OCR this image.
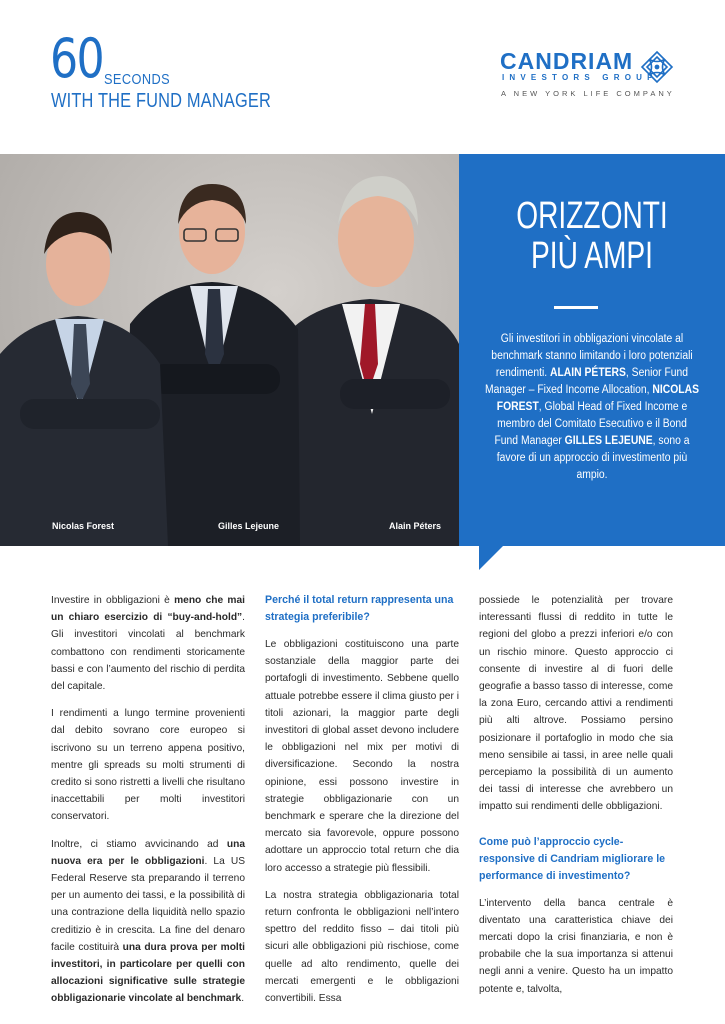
60 SECONDS
WITH THE FUND MANAGER
CANDRIAM
INVESTORS GROUP
A NEW YORK LIFE COMPANY
Nicolas Forest	Gilles Lejeune	Alain Péters
ORIZZONTI
PIÙ AMPI
Gli investitori in obbligazioni vincolate al benchmark stanno limitando i loro potenziali rendimenti. ALAIN PÉTERS, Senior Fund Manager – Fixed Income Allocation, NICOLAS FOREST, Global Head of Fixed Income e membro del Comitato Esecutivo e il Bond Fund Manager GILLES LEJEUNE, sono a favore di un approccio di investimento più ampio.

Investire in obbligazioni è meno che mai un chiaro esercizio di “buy-and-hold”. Gli investitori vincolati al benchmark combattono con rendimenti storicamente bassi e con l’aumento del rischio di perdita del capitale.

I rendimenti a lungo termine provenienti dal debito sovrano core europeo si iscrivono su un terreno appena positivo, mentre gli spreads su molti strumenti di credito si sono ristretti a livelli che risultano inaccettabili per molti investitori conservatori.

Inoltre, ci stiamo avvicinando ad una nuova era per le obbligazioni. La US Federal Reserve sta preparando il terreno per un aumento dei tassi, e la possibilità di una contrazione della liquidità nello spazio creditizio è in crescita. La fine del denaro facile costituirà una dura prova per molti investitori, in particolare per quelli con allocazioni significative sulle strategie obbligazionarie vincolate al benchmark.

Perché il total return rappresenta una strategia preferibile?

Le obbligazioni costituiscono una parte sostanziale della maggior parte dei portafogli di investimento. Sebbene quello attuale potrebbe essere il clima giusto per i titoli azionari, la maggior parte degli investitori di global asset devono includere le obbligazioni nel mix per motivi di diversificazione. Secondo la nostra opinione, essi possono investire in strategie obbligazionarie con un benchmark e sperare che la direzione del mercato sia favorevole, oppure possono adottare un approccio total return che dia loro accesso a strategie più flessibili.

La nostra strategia obbligazionaria total return confronta le obbligazioni nell’intero spettro del reddito fisso – dai titoli più sicuri alle obbligazioni più rischiose, come quelle ad alto rendimento, quelle dei mercati emergenti e le obbligazioni convertibili. Essa

possiede le potenzialità per trovare interessanti flussi di reddito in tutte le regioni del globo a prezzi inferiori e/o con un rischio minore. Questo approccio ci consente di investire al di fuori delle geografie a basso tasso di interesse, come la zona Euro, cercando attivi a rendimenti più alti altrove. Possiamo persino posizionare il portafoglio in modo che sia meno sensibile ai tassi, in aree nelle quali percepiamo la possibilità di un aumento dei tassi di interesse che avrebbero un impatto sui rendimenti delle obbligazioni.

Come può l’approccio cycle-responsive di Candriam migliorare le performance di investimento?

L’intervento della banca centrale è diventato una caratteristica chiave dei mercati dopo la crisi finanziaria, e non è probabile che la sua importanza si attenui negli anni a venire. Questo ha un impatto potente e, talvolta,
